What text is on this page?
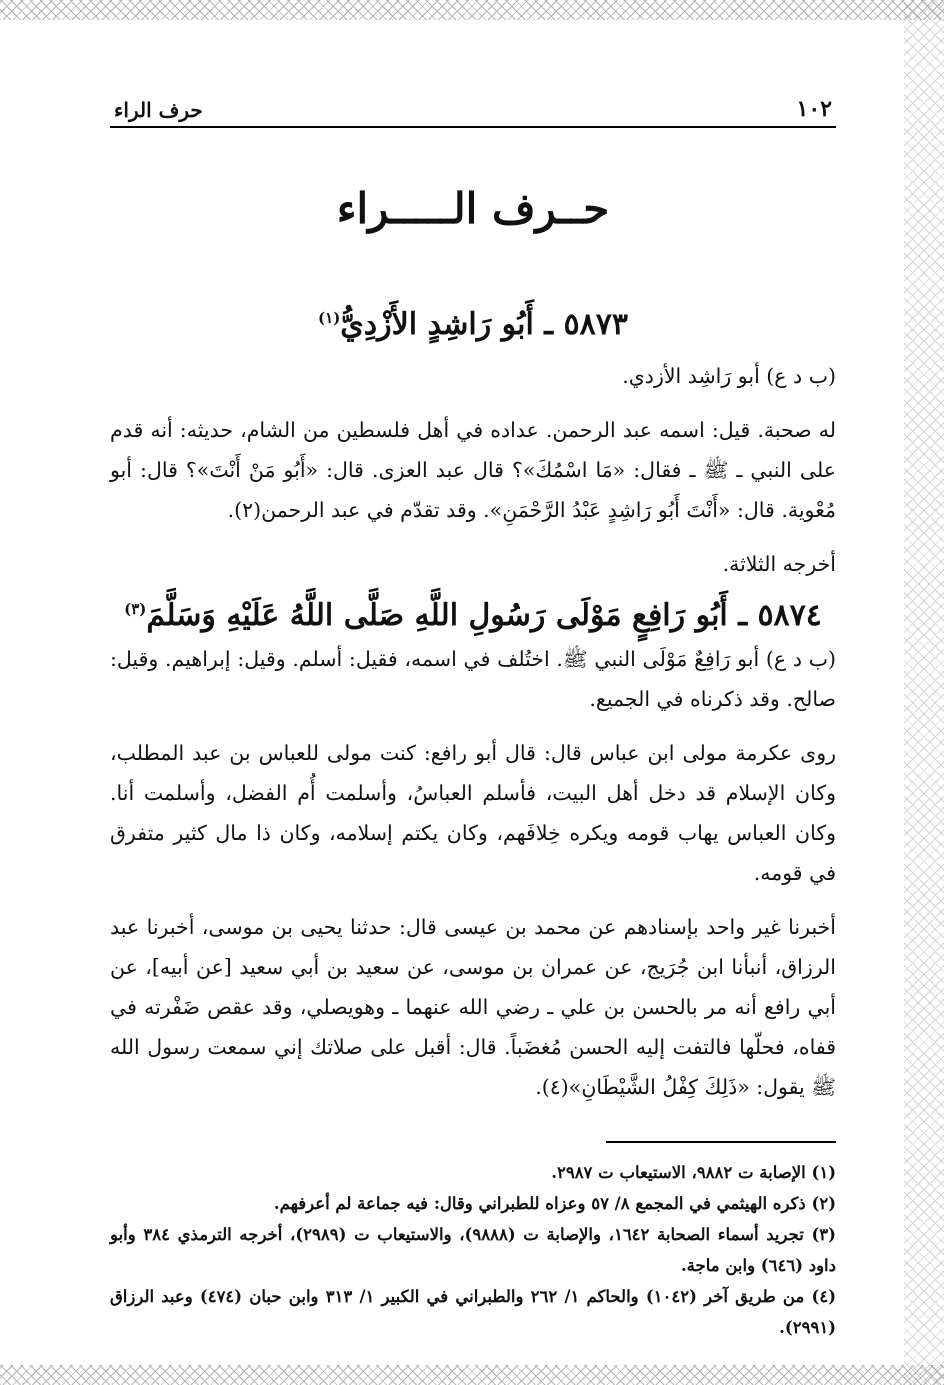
١٠٢
حرف الراء
حــرف الـــــراء
٥٨٧٣ ـ أَبُو رَاشِدٍ الأَزْدِيُّ$^{(١)}$

(ب د ع) أبو رَاشِد الأزدي.

له صحبة. قيل: اسمه عبد الرحمن. عداده في أهل فلسطين من الشام، حديثه: أنه قدم على النبي ـ ﷺ ـ فقال: «مَا اسْمُكَ»؟ قال عبد العزى. قال: «أَبُو مَنْ أَنْتَ»؟ قال: أبو مُعْوية. قال: «أَنْتَ أَبُو رَاشِدٍ عَبْدُ الرَّحْمَنِ». وقد تقدّم في عبد الرحمن(٢).

أخرجه الثلاثة.

٥٨٧٤ ـ أَبُو رَافِعٍ مَوْلَى رَسُولِ اللَّهِ صَلَّى اللَّهُ عَلَيْهِ وَسَلَّمَ$^{(٣)}$

(ب د ع) أبو رَافِعٌ مَوْلَى النبي ﷺ. اختُلف في اسمه، فقيل: أسلم. وقيل: إبراهيم. وقيل: صالح. وقد ذكرناه في الجميع.

روى عكرمة مولى ابن عباس قال: قال أبو رافع: كنت مولى للعباس بن عبد المطلب، وكان الإسلام قد دخل أهل البيت، فأسلم العباسُ، وأسلمت أُم الفضل، وأسلمت أنا. وكان العباس يهاب قومه ويكره خِلافَهم، وكان يكتم إسلامه، وكان ذا مال كثير متفرق في قومه.

أخبرنا غير واحد بإسنادهم عن محمد بن عيسى قال: حدثنا يحيى بن موسى، أخبرنا عبد الرزاق، أنبأنا ابن جُرَيج، عن عمران بن موسى، عن سعيد بن أبي سعيد [عن أبيه]، عن أبي رافع أنه مر بالحسن بن علي ـ رضي الله عنهما ـ وهويصلي، وقد عقص ضَفْرته في قفاه، فحلّها فالتفت إليه الحسن مُغضَباً. قال: أقبل على صلاتك إني سمعت رسول الله ﷺ يقول: «ذَلِكَ كِفْلُ الشَّيْطَانِ»(٤).

(١) الإصابة ت ٩٨٨٢، الاستيعاب ت ٢٩٨٧.
(٢) ذكره الهيثمي في المجمع ٨/ ٥٧ وعزاه للطبراني وقال: فيه جماعة لم أعرفهم.
(٣) تجريد أسماء الصحابة ١٦٤٢، والإصابة ت (٩٨٨٨)، والاستيعاب ت (٢٩٨٩)، أخرجه الترمذي ٣٨٤ وأبو داود (٦٤٦) وابن ماجة.
(٤) من طريق آخر (١٠٤٢) والحاكم ١/ ٢٦٢ والطبراني في الكبير ١/ ٣١٣ وابن حبان (٤٧٤) وعبد الرزاق (٢٩٩١).
